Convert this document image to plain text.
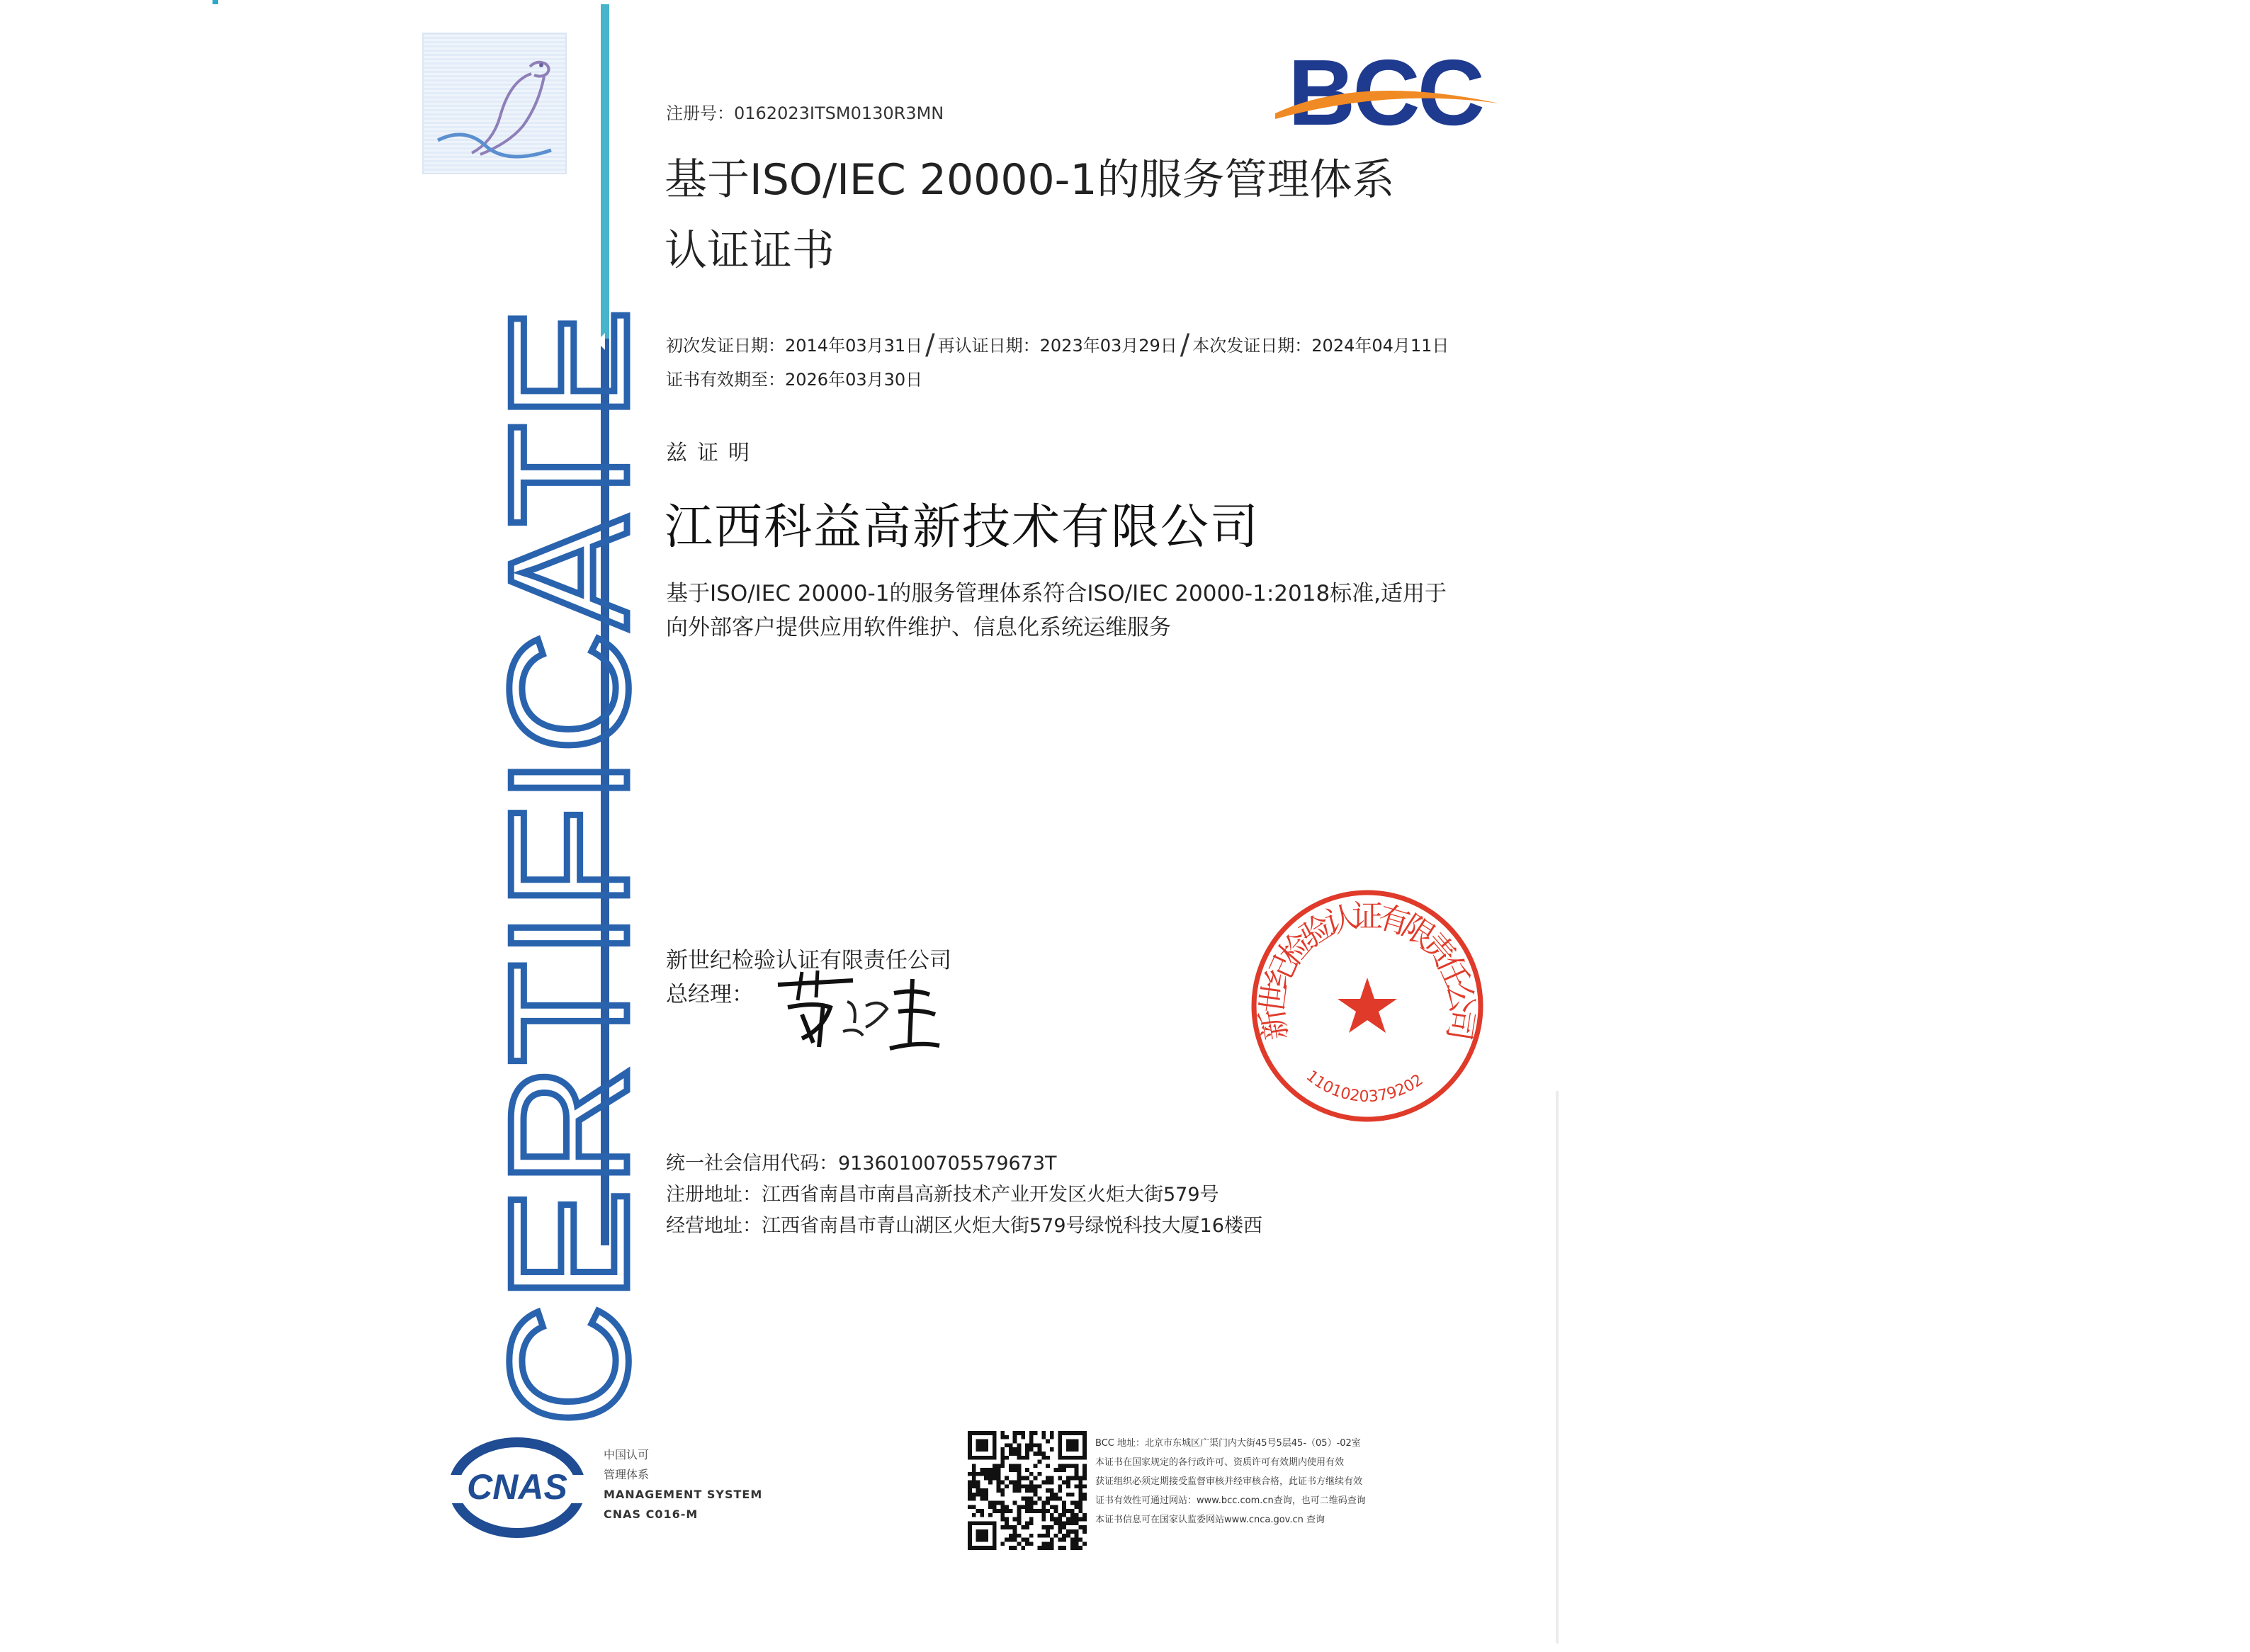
CERTIFICATE
BCC
注册号：0162023ITSM0130R3MN
基于ISO/IEC 20000-1的服务管理体系
认证证书
初次发证日期：2014年03月31日 / 再认证日期：2023年03月29日 / 本次发证日期：2024年04月11日
证书有效期至：2026年03月30日
兹证明
江西科益高新技术有限公司
基于ISO/IEC 20000-1的服务管理体系符合ISO/IEC 20000-1:2018标准,适用于
向外部客户提供应用软件维护、信息化系统运维服务
新世纪检验认证有限责任公司
总经理：
新世纪检验认证有限责任公司
1101020379202
统一社会信用代码：91360100705579673T
注册地址：江西省南昌市南昌高新技术产业开发区火炬大街579号
经营地址：江西省南昌市青山湖区火炬大街579号绿悦科技大厦16楼西
CNAS
中国认可
管理体系
MANAGEMENT SYSTEM
CNAS C016-M
BCC 地址：北京市东城区广渠门内大街45号5层45-（05）-02室
本证书在国家规定的各行政许可、资质许可有效期内使用有效
获证组织必须定期接受监督审核并经审核合格，此证书方继续有效
证书有效性可通过网站：www.bcc.com.cn查询，也可二维码查询
本证书信息可在国家认监委网站www.cnca.gov.cn 查询
